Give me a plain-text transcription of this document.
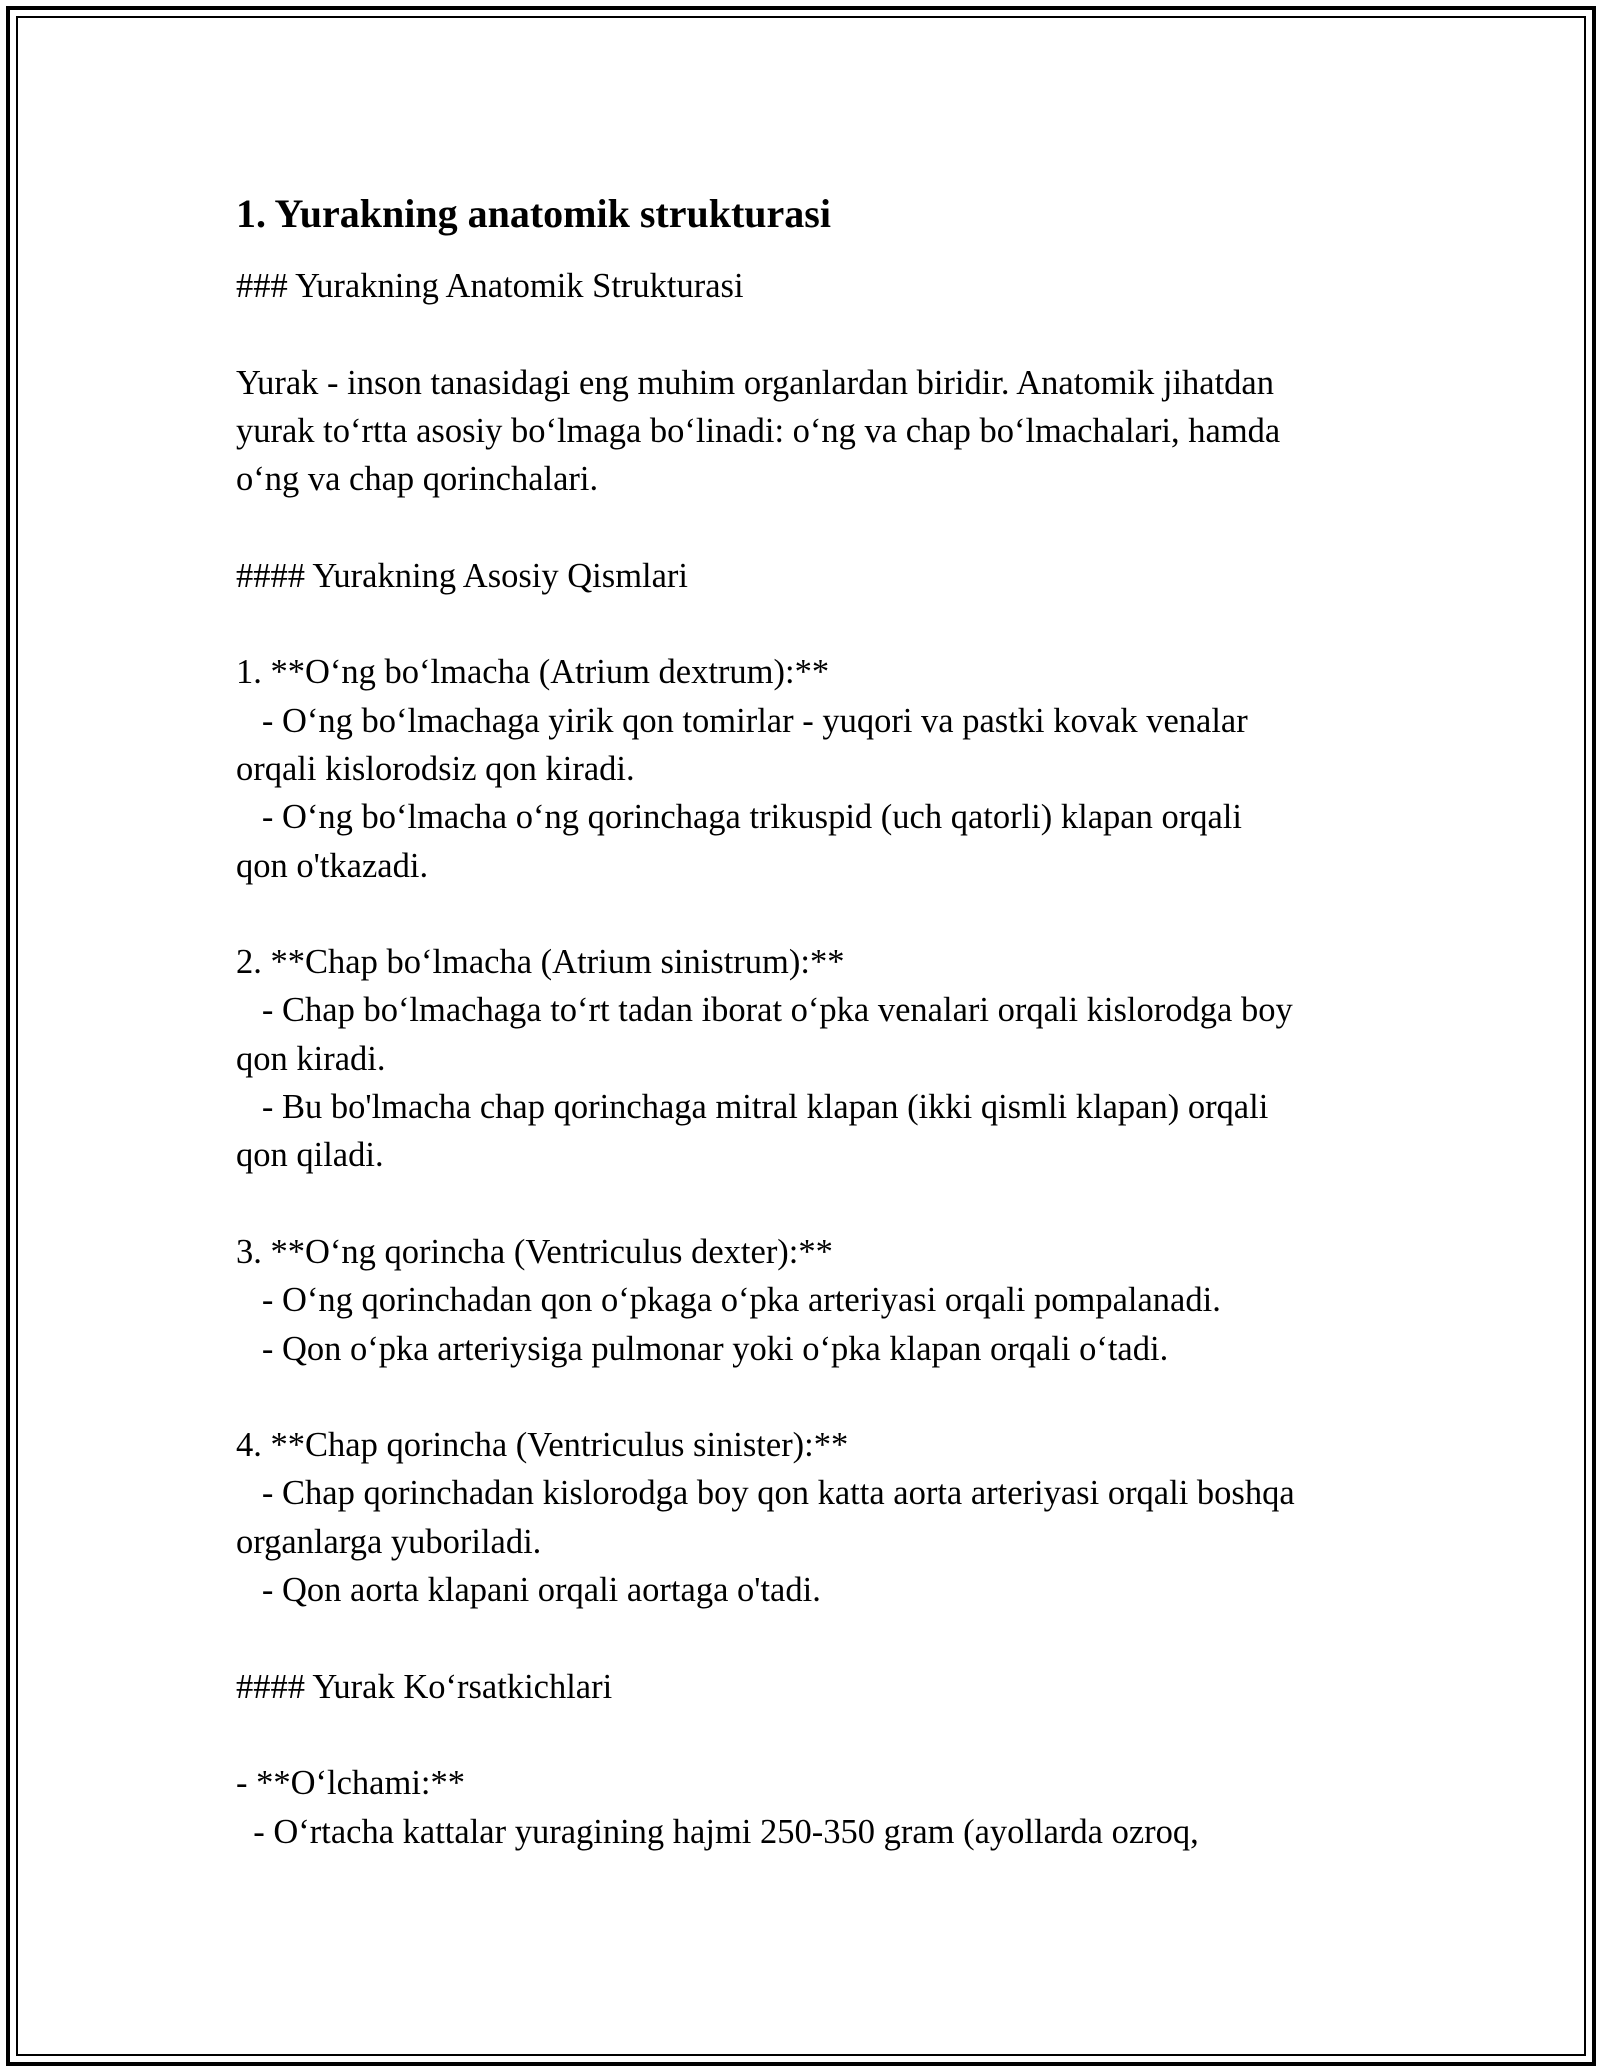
1. Yurakning anatomik strukturasi
### Yurakning Anatomik Strukturasi
Yurak - inson tanasidagi eng muhim organlardan biridir. Anatomik jihatdan
yurak to‘rtta asosiy bo‘lmaga bo‘linadi: o‘ng va chap bo‘lmachalari, hamda
o‘ng va chap qorinchalari.
#### Yurakning Asosiy Qismlari
1. **O‘ng bo‘lmacha (Atrium dextrum):**
- O‘ng bo‘lmachaga yirik qon tomirlar - yuqori va pastki kovak venalar
orqali kislorodsiz qon kiradi.
- O‘ng bo‘lmacha o‘ng qorinchaga trikuspid (uch qatorli) klapan orqali
qon o'tkazadi.
2. **Chap bo‘lmacha (Atrium sinistrum):**
- Chap bo‘lmachaga to‘rt tadan iborat o‘pka venalari orqali kislorodga boy
qon kiradi.
- Bu bo'lmacha chap qorinchaga mitral klapan (ikki qismli klapan) orqali
qon qiladi.
3. **O‘ng qorincha (Ventriculus dexter):**
- O‘ng qorinchadan qon o‘pkaga o‘pka arteriyasi orqali pompalanadi.
- Qon o‘pka arteriysiga pulmonar yoki o‘pka klapan orqali o‘tadi.
4. **Chap qorincha (Ventriculus sinister):**
- Chap qorinchadan kislorodga boy qon katta aorta arteriyasi orqali boshqa
organlarga yuboriladi.
- Qon aorta klapani orqali aortaga o'tadi.
#### Yurak Ko‘rsatkichlari
- **O‘lchami:**
- O‘rtacha kattalar yuragining hajmi 250-350 gram (ayollarda ozroq,
